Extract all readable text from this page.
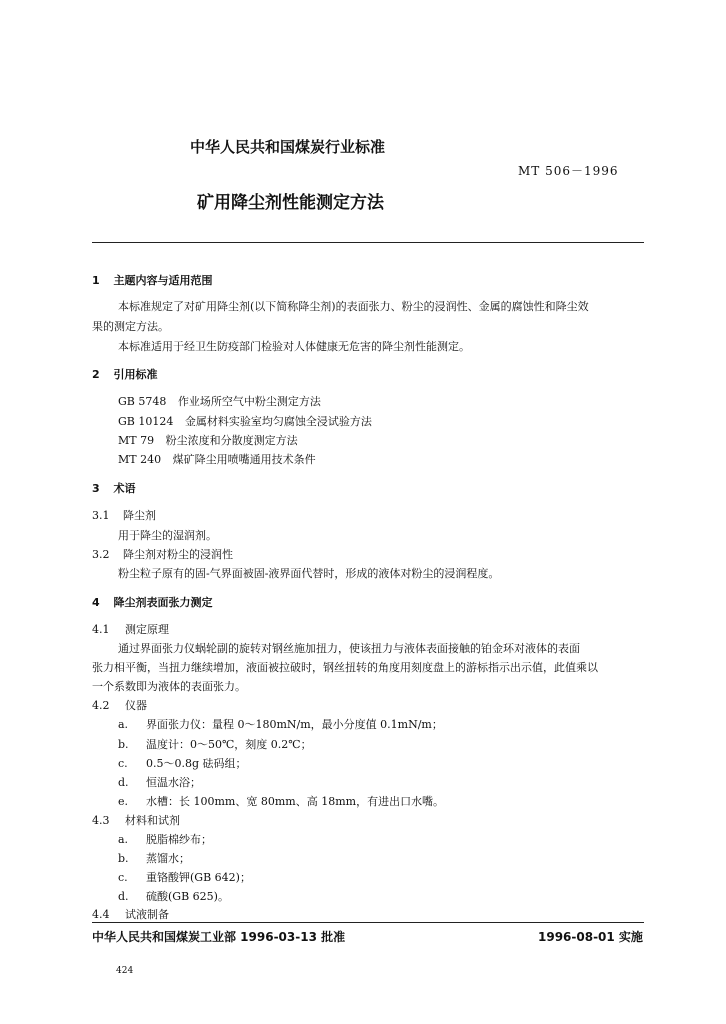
中华人民共和国煤炭行业标准
MT 506－1996
矿用降尘剂性能测定方法
1 主题内容与适用范围
本标准规定了对矿用降尘剂(以下简称降尘剂)的表面张力、粉尘的浸润性、金属的腐蚀性和降尘效
果的测定方法。
本标准适用于经卫生防疫部门检验对人体健康无危害的降尘剂性能测定。
2 引用标准
GB 5748 作业场所空气中粉尘测定方法
GB 10124 金属材料实验室均匀腐蚀全浸试验方法
MT 79 粉尘浓度和分散度测定方法
MT 240 煤矿降尘用喷嘴通用技术条件
3 术语
3.1 降尘剂
用于降尘的湿润剂。
3.2 降尘剂对粉尘的浸润性
粉尘粒子原有的固-气界面被固-液界面代替时，形成的液体对粉尘的浸润程度。
4 降尘剂表面张力测定
4.1 测定原理
通过界面张力仪蜗轮副的旋转对钢丝施加扭力，使该扭力与液体表面接触的铂金环对液体的表面
张力相平衡，当扭力继续增加，液面被拉破时，钢丝扭转的角度用刻度盘上的游标指示出示值，此值乘以
一个系数即为液体的表面张力。
4.2 仪器
a. 界面张力仪：量程 0～180mN/m，最小分度值 0.1mN/m；
b. 温度计：0～50℃，刻度 0.2℃；
c. 0.5～0.8g 砝码组；
d. 恒温水浴；
e. 水槽：长 100mm、宽 80mm、高 18mm，有进出口水嘴。
4.3 材料和试剂
a. 脱脂棉纱布；
b. 蒸馏水；
c. 重铬酸钾(GB 642)；
d. 硫酸(GB 625)。
4.4 试液制备
中华人民共和国煤炭工业部 1996-03-13 批准	1996-08-01 实施
424
